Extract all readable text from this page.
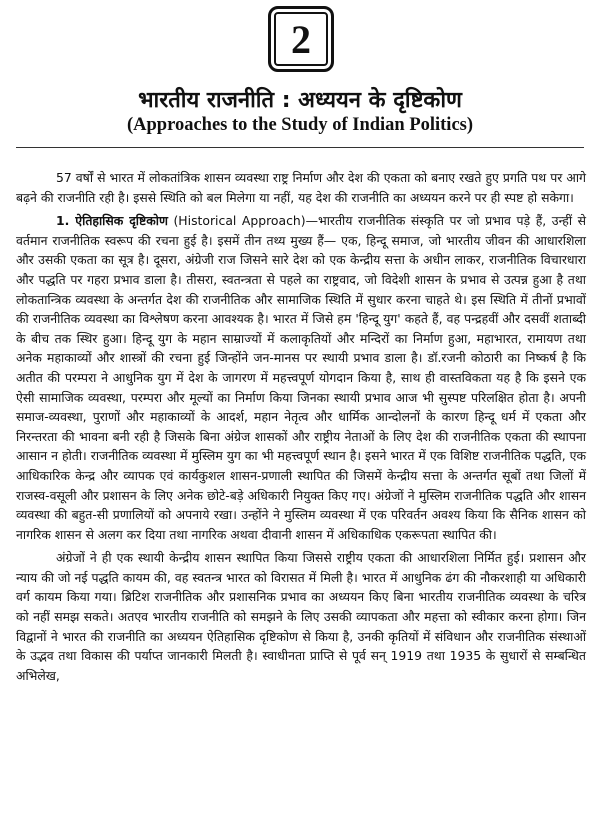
2
भारतीय राजनीति : अध्ययन के दृष्टिकोण
(Approaches to the Study of Indian Politics)

57 वर्षों से भारत में लोकतांत्रिक शासन व्यवस्था राष्ट्र निर्माण और देश की एकता को बनाए रखते हुए प्रगति पथ पर आगे बढ़ने की राजनीति रही है। इससे स्थिति को बल मिलेगा या नहीं, यह देश की राजनीति का अध्ययन करने पर ही स्पष्ट हो सकेगा।

1. ऐतिहासिक दृष्टिकोण (Historical Approach)—भारतीय राजनीतिक संस्कृति पर जो प्रभाव पड़े हैं, उन्हीं से वर्तमान राजनीतिक स्वरूप की रचना हुई है। इसमें तीन तथ्य मुख्य हैं— एक, हिन्दू समाज, जो भारतीय जीवन की आधारशिला और उसकी एकता का सूत्र है। दूसरा, अंग्रेजी राज जिसने सारे देश को एक केन्द्रीय सत्ता के अधीन लाकर, राजनीतिक विचारधारा और पद्धति पर गहरा प्रभाव डाला है। तीसरा, स्वतन्त्रता से पहले का राष्ट्रवाद, जो विदेशी शासन के प्रभाव से उत्पन्न हुआ है तथा लोकतान्त्रिक व्यवस्था के अन्तर्गत देश की राजनीतिक और सामाजिक स्थिति में सुधार करना चाहते थे। इस स्थिति में तीनों प्रभावों की राजनीतिक व्यवस्था का विश्लेषण करना आवश्यक है। भारत में जिसे हम 'हिन्दू युग' कहते हैं, वह पन्द्रहवीं और दसवीं शताब्दी के बीच तक स्थिर हुआ। हिन्दू युग के महान साम्राज्यों में कलाकृतियों और मन्दिरों का निर्माण हुआ, महाभारत, रामायण तथा अनेक महाकाव्यों और शास्त्रों की रचना हुई जिन्होंने जन-मानस पर स्थायी प्रभाव डाला है। डॉ.रजनी कोठारी का निष्कर्ष है कि अतीत की परम्परा ने आधुनिक युग में देश के जागरण में महत्त्वपूर्ण योगदान किया है, साथ ही वास्तविकता यह है कि इसने एक ऐसी सामाजिक व्यवस्था, परम्परा और मूल्यों का निर्माण किया जिनका स्थायी प्रभाव आज भी सुस्पष्ट परिलक्षित होता है। अपनी समाज-व्यवस्था, पुराणों और महाकाव्यों के आदर्श, महान नेतृत्व और धार्मिक आन्दोलनों के कारण हिन्दू धर्म में एकता और निरन्तरता की भावना बनी रही है जिसके बिना अंग्रेज शासकों और राष्ट्रीय नेताओं के लिए देश की राजनीतिक एकता की स्थापना आसान न होती। राजनीतिक व्यवस्था में मुस्लिम युग का भी महत्त्वपूर्ण स्थान है। इसने भारत में एक विशिष्ट राजनीतिक पद्धति, एक आधिकारिक केन्द्र और व्यापक एवं कार्यकुशल शासन-प्रणाली स्थापित की जिसमें केन्द्रीय सत्ता के अन्तर्गत सूबों तथा जिलों में राजस्व-वसूली और प्रशासन के लिए अनेक छोटे-बड़े अधिकारी नियुक्त किए गए। अंग्रेजों ने मुस्लिम राजनीतिक पद्धति और शासन व्यवस्था की बहुत-सी प्रणालियों को अपनाये रखा। उन्होंने ने मुस्लिम व्यवस्था में एक परिवर्तन अवश्य किया कि सैनिक शासन को नागरिक शासन से अलग कर दिया तथा नागरिक अथवा दीवानी शासन में अधिकाधिक एकरूपता स्थापित की।

अंग्रेजों ने ही एक स्थायी केन्द्रीय शासन स्थापित किया जिससे राष्ट्रीय एकता की आधारशिला निर्मित हुई। प्रशासन और न्याय की जो नई पद्धति कायम की, वह स्वतन्त्र भारत को विरासत में मिली है। भारत में आधुनिक ढंग की नौकरशाही या अधिकारी वर्ग कायम किया गया। ब्रिटिश राजनीतिक और प्रशासनिक प्रभाव का अध्ययन किए बिना भारतीय राजनीतिक व्यवस्था के चरित्र को नहीं समझ सकते। अतएव भारतीय राजनीति को समझने के लिए उसकी व्यापकता और महत्ता को स्वीकार करना होगा। जिन विद्वानों ने भारत की राजनीति का अध्ययन ऐतिहासिक दृष्टिकोण से किया है, उनकी कृतियों में संविधान और राजनीतिक संस्थाओं के उद्भव तथा विकास की पर्याप्त जानकारी मिलती है। स्वाधीनता प्राप्ति से पूर्व सन् 1919 तथा 1935 के सुधारों से सम्बन्धित अभिलेख,
